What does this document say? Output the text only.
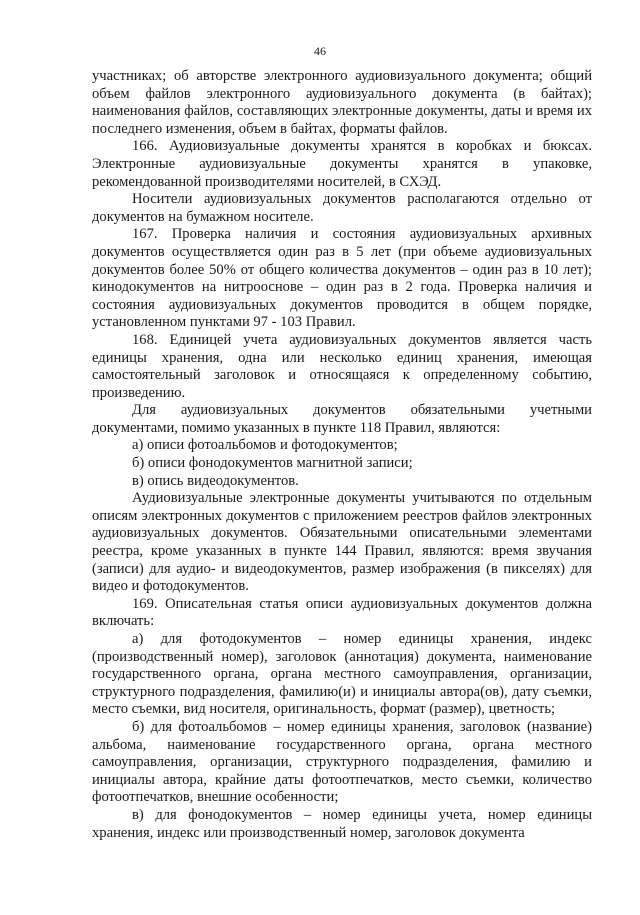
46

участниках; об авторстве электронного аудиовизуального документа; общий объем файлов электронного аудиовизуального документа (в байтах); наименования файлов, составляющих электронные документы, даты и время их последнего изменения, объем в байтах, форматы файлов.

166. Аудиовизуальные документы хранятся в коробках и бюксах. Электронные аудиовизуальные документы хранятся в упаковке, рекомендованной производителями носителей, в СХЭД.

Носители аудиовизуальных документов располагаются отдельно от документов на бумажном носителе.

167. Проверка наличия и состояния аудиовизуальных архивных документов осуществляется один раз в 5 лет (при объеме аудиовизуальных документов более 50% от общего количества документов – один раз в 10 лет); кинодокументов на нитрооснове – один раз в 2 года. Проверка наличия и состояния аудиовизуальных документов проводится в общем порядке, установленном пунктами 97 - 103 Правил.

168. Единицей учета аудиовизуальных документов является часть единицы хранения, одна или несколько единиц хранения, имеющая самостоятельный заголовок и относящаяся к определенному событию, произведению.

Для аудиовизуальных документов обязательными учетными документами, помимо указанных в пункте 118 Правил, являются:

а) описи фотоальбомов и фотодокументов;

б) описи фонодокументов магнитной записи;

в) опись видеодокументов.

Аудиовизуальные электронные документы учитываются по отдельным описям электронных документов с приложением реестров файлов электронных аудиовизуальных документов. Обязательными описательными элементами реестра, кроме указанных в пункте 144 Правил, являются: время звучания (записи) для аудио- и видеодокументов, размер изображения (в пикселях) для видео и фотодокументов.

169. Описательная статья описи аудиовизуальных документов должна включать:

а) для фотодокументов – номер единицы хранения, индекс (производственный номер), заголовок (аннотация) документа, наименование государственного органа, органа местного самоуправления, организации, структурного подразделения, фамилию(и) и инициалы автора(ов), дату съемки, место съемки, вид носителя, оригинальность, формат (размер), цветность;

б) для фотоальбомов – номер единицы хранения, заголовок (название) альбома, наименование государственного органа, органа местного самоуправления, организации, структурного подразделения, фамилию и инициалы автора, крайние даты фотоотпечатков, место съемки, количество фотоотпечатков, внешние особенности;

в) для фонодокументов – номер единицы учета, номер единицы хранения, индекс или производственный номер, заголовок документа
